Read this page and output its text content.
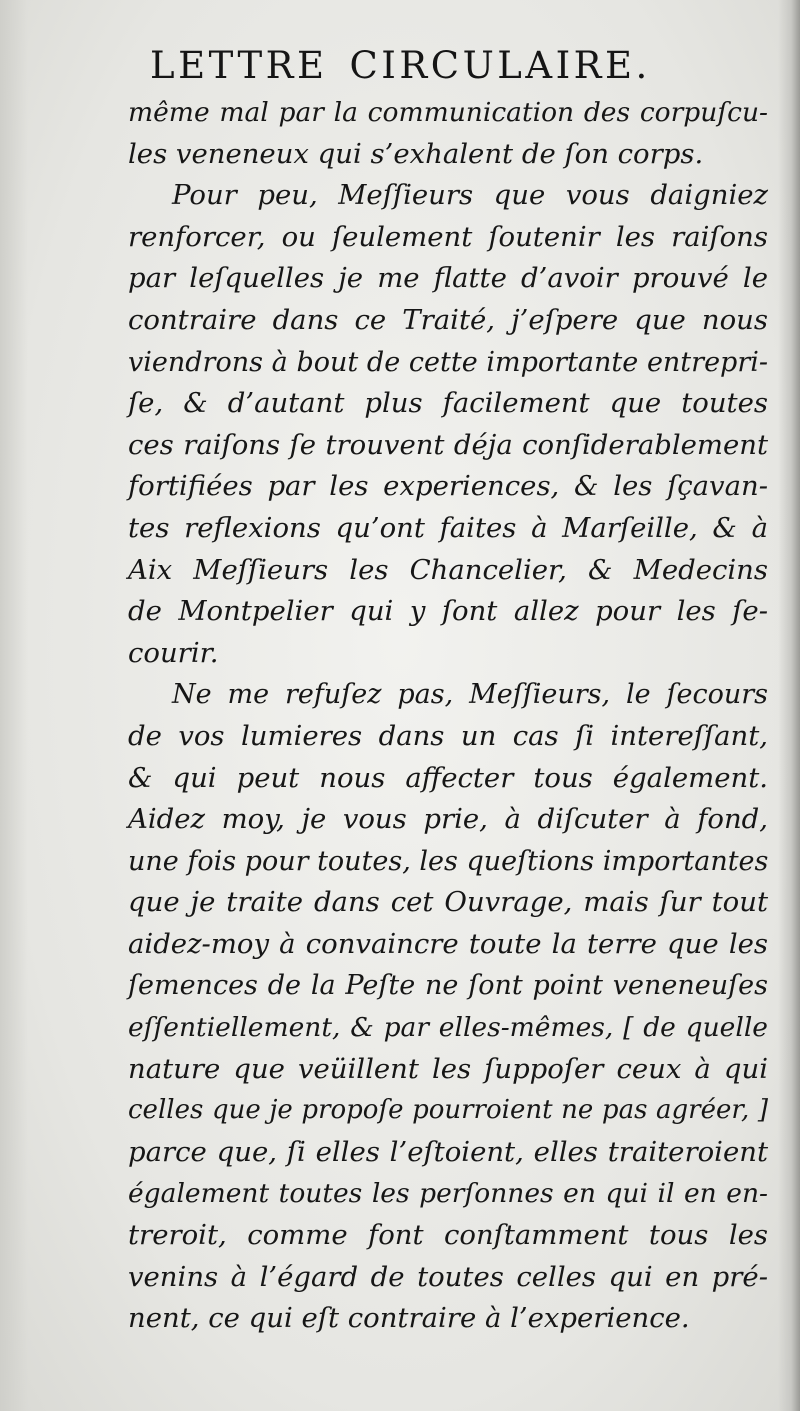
LETTRE CIRCULAIRE.
même mal par la communication des corpuſcu-
les veneneux qui s’exhalent de ſon corps.
Pour peu, Meſſieurs que vous daigniez
renforcer, ou ſeulement ſoutenir les raiſons
par leſquelles je me flatte d’avoir prouvé le
contraire dans ce Traité, j’eſpere que nous
viendrons à bout de cette importante entrepri-
ſe, & d’autant plus facilement que toutes
ces raiſons ſe trouvent déja conſiderablement
fortifiées par les experiences, & les ſçavan-
tes reflexions qu’ont faites à Marſeille, & à
Aix Meſſieurs les Chancelier, & Medecins
de Montpelier qui y ſont allez pour les ſe-
courir.
Ne me refuſez pas, Meſſieurs, le ſecours
de vos lumieres dans un cas ſi intereſſant,
& qui peut nous affecter tous également.
Aidez moy, je vous prie, à diſcuter à fond,
une fois pour toutes, les queſtions importantes
que je traite dans cet Ouvrage, mais ſur tout
aidez-moy à convaincre toute la terre que les
ſemences de la Peſte ne ſont point veneneuſes
eſſentiellement, & par elles-mêmes, [ de quelle
nature que veüillent les ſuppoſer ceux à qui
celles que je propoſe pourroient ne pas agréer, ]
parce que, ſi elles l’eſtoient, elles traiteroient
également toutes les perſonnes en qui il en en-
treroit, comme font conſtamment tous les
venins à l’égard de toutes celles qui en pré-
nent, ce qui eſt contraire à l’experience.
